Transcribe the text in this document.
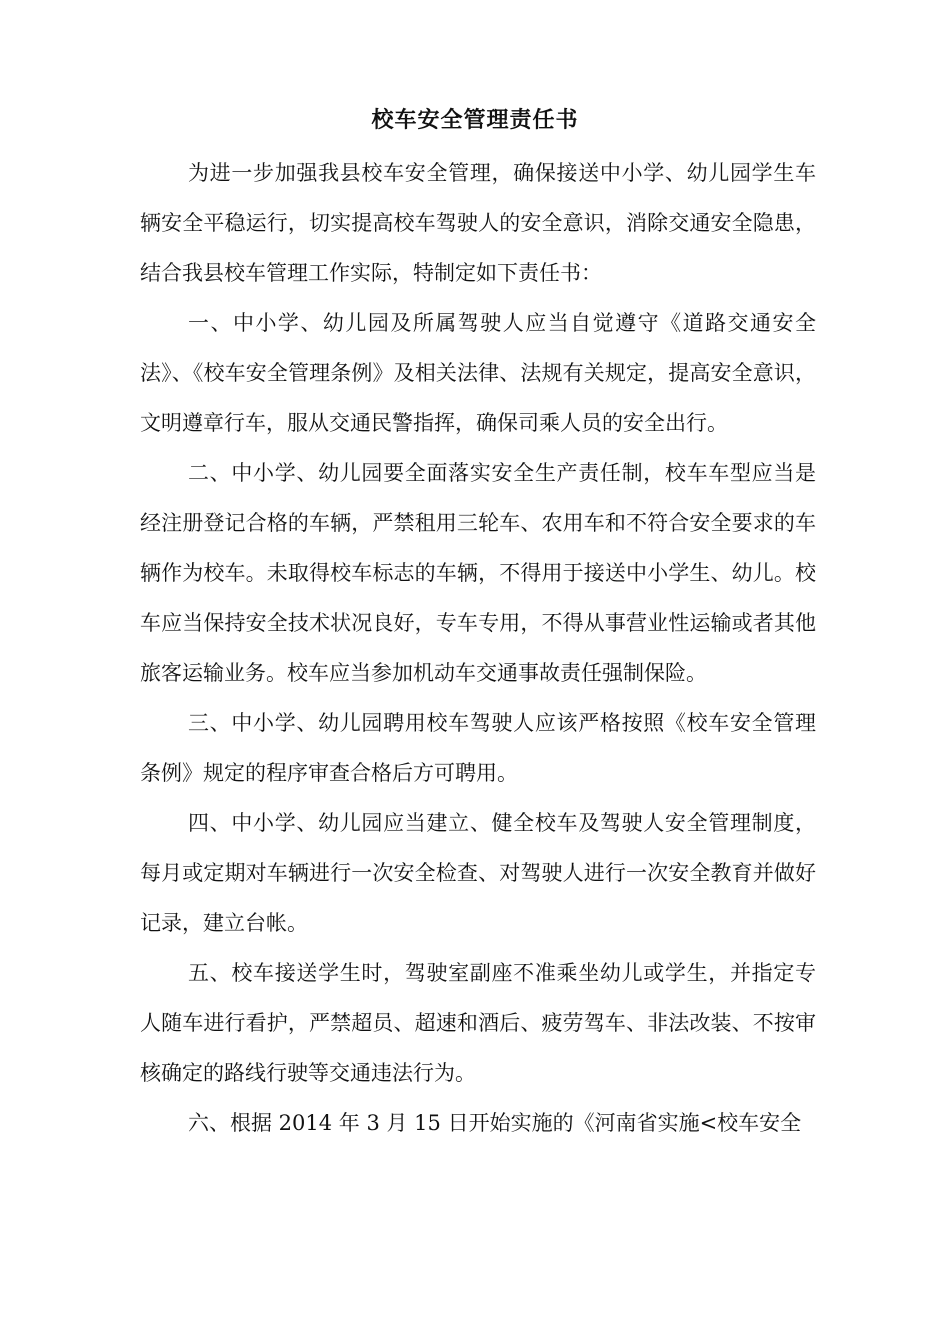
校车安全管理责任书

为进一步加强我县校车安全管理，确保接送中小学、幼儿园学生车辆安全平稳运行，切实提高校车驾驶人的安全意识，消除交通安全隐患，结合我县校车管理工作实际，特制定如下责任书：

一、中小学、幼儿园及所属驾驶人应当自觉遵守《道路交通安全法》、《校车安全管理条例》及相关法律、法规有关规定，提高安全意识，文明遵章行车，服从交通民警指挥，确保司乘人员的安全出行。

二、中小学、幼儿园要全面落实安全生产责任制，校车车型应当是经注册登记合格的车辆，严禁租用三轮车、农用车和不符合安全要求的车辆作为校车。未取得校车标志的车辆，不得用于接送中小学生、幼儿。校车应当保持安全技术状况良好，专车专用，不得从事营业性运输或者其他旅客运输业务。校车应当参加机动车交通事故责任强制保险。

三、中小学、幼儿园聘用校车驾驶人应该严格按照《校车安全管理条例》规定的程序审查合格后方可聘用。

四、中小学、幼儿园应当建立、健全校车及驾驶人安全管理制度，每月或定期对车辆进行一次安全检查、对驾驶人进行一次安全教育并做好记录，建立台帐。

五、校车接送学生时，驾驶室副座不准乘坐幼儿或学生，并指定专人随车进行看护，严禁超员、超速和酒后、疲劳驾车、非法改装、不按审核确定的路线行驶等交通违法行为。

六、根据 2014 年 3 月 15 日开始实施的《河南省实施<校车安全
